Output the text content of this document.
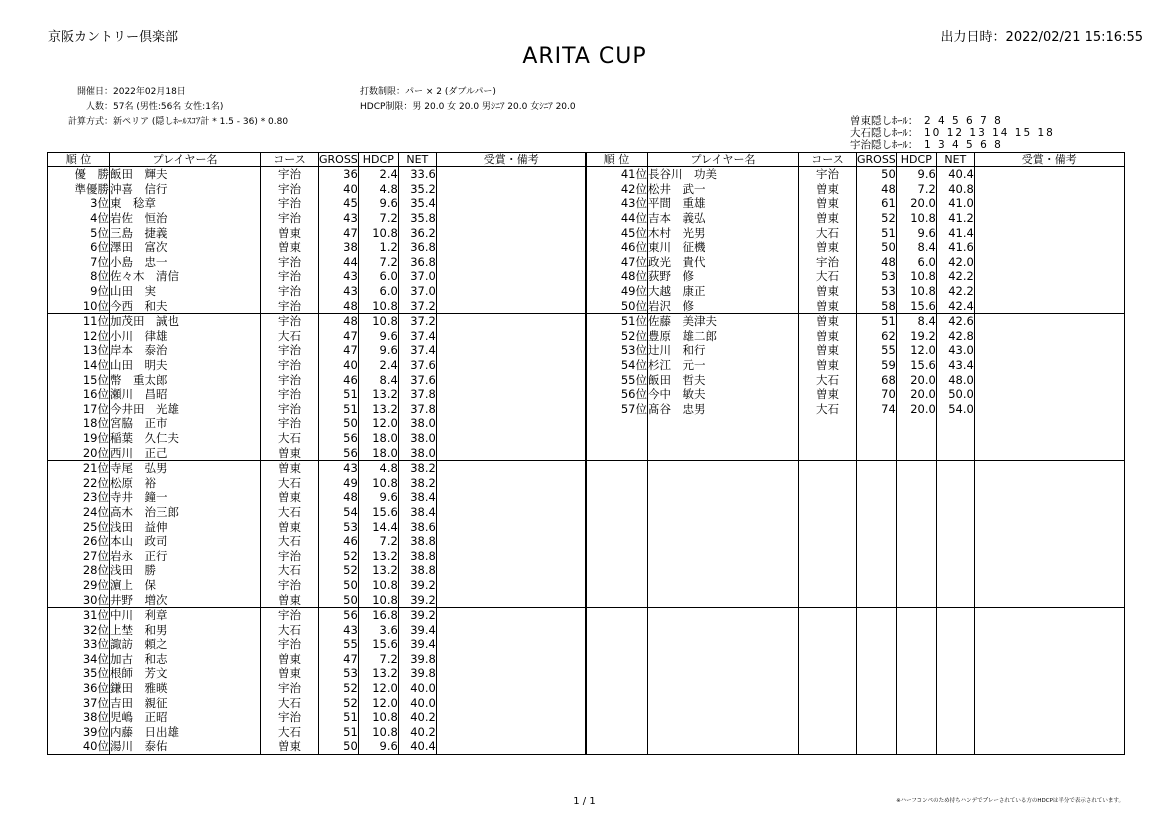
京阪カントリー倶楽部	出力日時：2022/02/21 15:16:55
ARITA CUP
開催日： 2022年02月18日
人数： 57名 (男性:56名 女性:1名)
計算方式： 新ペリア (隠しﾎｰﾙｽｺｱ計 * 1.5 - 36) * 0.80
打数制限： パー × 2 (ダブルパー)
HDCP制限： 男 20.0 女 20.0 男ｼﾆｱ 20.0 女ｼﾆｱ 20.0
曽東隠しﾎｰﾙ： 2 4 5 6 7 8
大石隠しﾎｰﾙ： 10 12 13 14 15 18
宇治隠しﾎｰﾙ： 1 3 4 5 6 8
順 位	プレイヤー名	コース	GROSS	HDCP	NET	受賞・備考
優　勝	飯田　輝夫	宇治	36	2.4	33.6	
準優勝	沖喜　信行	宇治	40	4.8	35.2	
3位	東　稔章	宇治	45	9.6	35.4	
4位	岩佐　恒治	宇治	43	7.2	35.8	
5位	三島　捷義	曽東	47	10.8	36.2	
6位	澤田　富次	曽東	38	1.2	36.8	
7位	小島　忠一	宇治	44	7.2	36.8	
8位	佐々木　清信	宇治	43	6.0	37.0	
9位	山田　実	宇治	43	6.0	37.0	
10位	今西　和夫	宇治	48	10.8	37.2	
11位	加茂田　誠也	宇治	48	10.8	37.2	
12位	小川　律雄	大石	47	9.6	37.4	
13位	岸本　泰治	宇治	47	9.6	37.4	
14位	山田　明夫	宇治	40	2.4	37.6	
15位	幣　重太郎	宇治	46	8.4	37.6	
16位	瀬川　昌昭	宇治	51	13.2	37.8	
17位	今井田　光雄	宇治	51	13.2	37.8	
18位	宮脇　正市	宇治	50	12.0	38.0	
19位	稲葉　久仁夫	大石	56	18.0	38.0	
20位	西川　正己	曽東	56	18.0	38.0	
21位	寺尾　弘男	曽東	43	4.8	38.2	
22位	松原　裕	大石	49	10.8	38.2	
23位	寺井　鐘一	曽東	48	9.6	38.4	
24位	高木　治三郎	大石	54	15.6	38.4	
25位	浅田　益伸	曽東	53	14.4	38.6	
26位	本山　政司	大石	46	7.2	38.8	
27位	岩永　正行	宇治	52	13.2	38.8	
28位	浅田　勝	大石	52	13.2	38.8	
29位	濵上　保	宇治	50	10.8	39.2	
30位	井野　増次	曽東	50	10.8	39.2	
31位	中川　利章	宇治	56	16.8	39.2	
32位	上埜　和男	大石	43	3.6	39.4	
33位	諏訪　頼之	宇治	55	15.6	39.4	
34位	加古　和志	曽東	47	7.2	39.8	
35位	根師　芳文	曽東	53	13.2	39.8	
36位	鎌田　雅暎	宇治	52	12.0	40.0	
37位	吉田　親征	大石	52	12.0	40.0	
38位	児嶋　正昭	宇治	51	10.8	40.2	
39位	内藤　日出雄	大石	51	10.8	40.2	
40位	湯川　泰佑	曽東	50	9.6	40.4	
順 位	プレイヤー名	コース	GROSS	HDCP	NET	受賞・備考
41位	長谷川　功美	宇治	50	9.6	40.4	
42位	松井　武一	曽東	48	7.2	40.8	
43位	平間　重雄	曽東	61	20.0	41.0	
44位	吉本　義弘	曽東	52	10.8	41.2	
45位	木村　光男	大石	51	9.6	41.4	
46位	東川　征機	曽東	50	8.4	41.6	
47位	政光　貴代	宇治	48	6.0	42.0	
48位	荻野　修	大石	53	10.8	42.2	
49位	大越　康正	曽東	53	10.8	42.2	
50位	岩沢　修	曽東	58	15.6	42.4	
51位	佐藤　美津夫	曽東	51	8.4	42.6	
52位	豊原　雄二郎	曽東	62	19.2	42.8	
53位	辻川　和行	曽東	55	12.0	43.0	
54位	杉江　元一	曽東	59	15.6	43.4	
55位	飯田　哲夫	大石	68	20.0	48.0	
56位	今中　敏夫	曽東	70	20.0	50.0	
57位	髙谷　忠男	大石	74	20.0	54.0	

1 / 1	※ハーフコンペのため持ちハンデでプレーされている方のHDCPは半分で表示されています。
